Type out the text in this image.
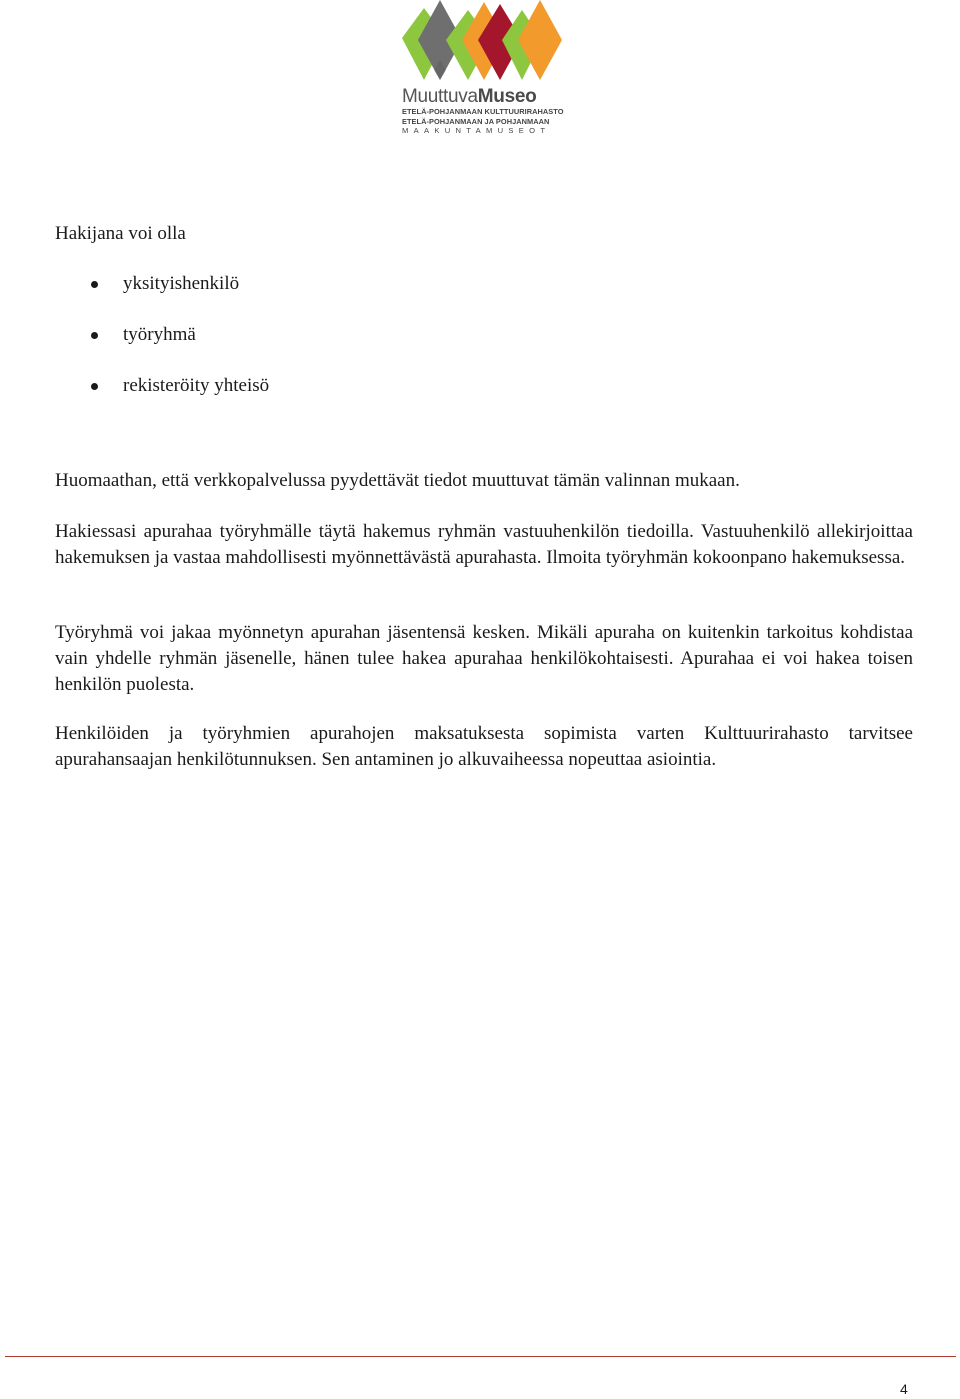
MuuttuvaMuseo
ETELÄ-POHJANMAAN KULTTUURIRAHASTO
ETELÄ-POHJANMAAN JA POHJANMAAN
MAAKUNTAMUSEOT
Hakijana voi olla
yksityishenkilö
työryhmä
rekisteröity yhteisö
Huomaathan, että verkkopalvelussa pyydettävät tiedot muuttuvat tämän valinnan mukaan.
Hakiessasi apurahaa työryhmälle täytä hakemus ryhmän vastuuhenkilön tiedoilla. Vastuuhenkilö allekirjoittaa hakemuksen ja vastaa mahdollisesti myönnettävästä apurahasta. Ilmoita työryhmän kokoonpano hakemuksessa.
Työryhmä voi jakaa myönnetyn apurahan jäsentensä kesken. Mikäli apuraha on kuitenkin tarkoitus kohdistaa vain yhdelle ryhmän jäsenelle, hänen tulee hakea apurahaa henkilökohtaisesti. Apurahaa ei voi hakea toisen henkilön puolesta.
Henkilöiden ja työryhmien apurahojen maksatuksesta sopimista varten Kulttuurirahasto tarvitsee apurahansaajan henkilötunnuksen. Sen antaminen jo alkuvaiheessa nopeuttaa asiointia.
4
